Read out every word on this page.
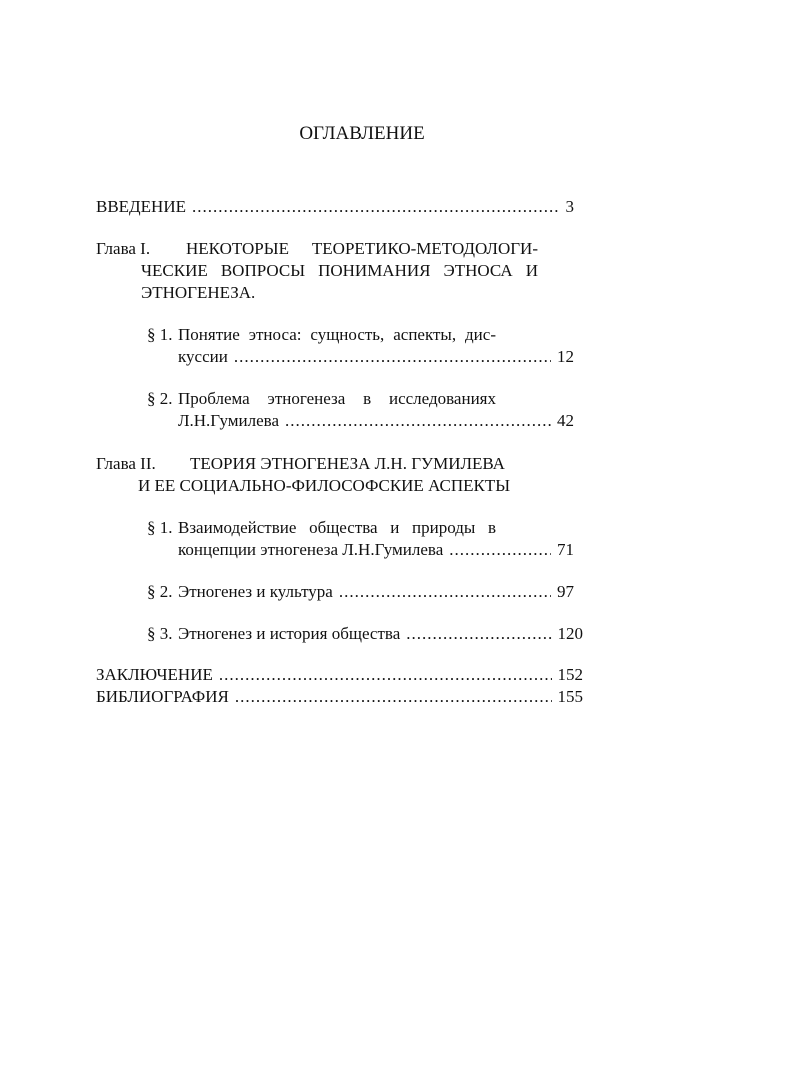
ОГЛАВЛЕНИЕ
ВВЕДЕНИЕ .....	3
Глава I. НЕКОТОРЫЕ ТЕОРЕТИКО-МЕТОДОЛОГИ-
ЧЕСКИЕ ВОПРОСЫ ПОНИМАНИЯ ЭТНОСА И
ЭТНОГЕНЕЗА.
§ 1. Понятие этноса: сущность, аспекты, дис-
куссии .....	12
§ 2. Проблема этногенеза в исследованиях
Л.Н.Гумилева .....	42
Глава II. ТЕОРИЯ ЭТНОГЕНЕЗА Л.Н. ГУМИЛЕВА
И ЕЕ СОЦИАЛЬНО-ФИЛОСОФСКИЕ АСПЕКТЫ
§ 1. Взаимодействие общества и природы в
концепции этногенеза Л.Н.Гумилева .....	71
§ 2. Этногенез и культура .....	97
§ 3. Этногенез и история общества .....	120
ЗАКЛЮЧЕНИЕ .....	152
БИБЛИОГРАФИЯ .....	155
